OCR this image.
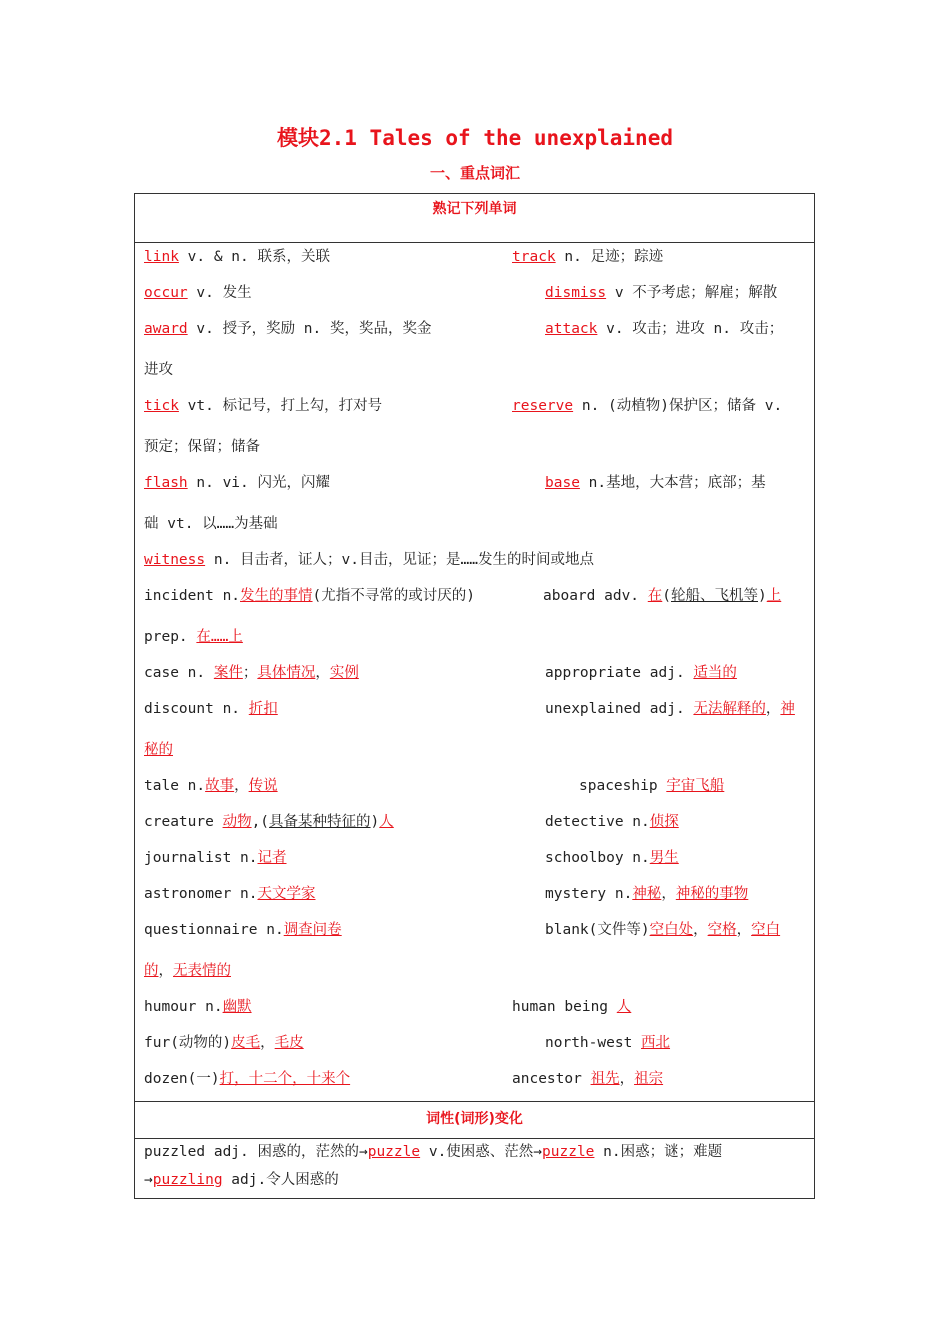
模块2.1 Tales of the unexplained
一、重点词汇
熟记下列单词
词性(词形)变化
link v. & n. 联系，关联	track n. 足迹；踪迹
occur v. 发生	dismiss v 不予考虑；解雇；解散
award v. 授予，奖励 n. 奖，奖品，奖金	attack v. 攻击；进攻 n. 攻击；
进攻
tick vt. 标记号，打上勾，打对号	reserve n. (动植物)保护区；储备 v.
预定；保留；储备
flash n. vi. 闪光，闪耀	base n.基地，大本营；底部；基
础 vt. 以……为基础
witness n. 目击者，证人；v.目击，见证；是……发生的时间或地点
incident n.发生的事情(尤指不寻常的或讨厌的)	aboard adv. 在(轮船、飞机等)上
prep. 在……上
case n. 案件；具体情况，实例	appropriate adj. 适当的
discount n. 折扣	unexplained adj. 无法解释的，神
秘的
tale n.故事，传说	spaceship 宇宙飞船
creature 动物,(具备某种特征的)人	detective n.侦探
journalist n.记者	schoolboy n.男生
astronomer n.天文学家	mystery n.神秘，神秘的事物
questionnaire n.调查问卷	blank(文件等)空白处，空格，空白
的，无表情的
humour n.幽默	human being 人
fur(动物的)皮毛，毛皮	north-west 西北
dozen(一)打，十二个，十来个	ancestor 祖先，祖宗
puzzled adj. 困惑的，茫然的→puzzle v.使困惑、茫然→puzzle n.困惑；谜；难题
→puzzling adj.令人困惑的
